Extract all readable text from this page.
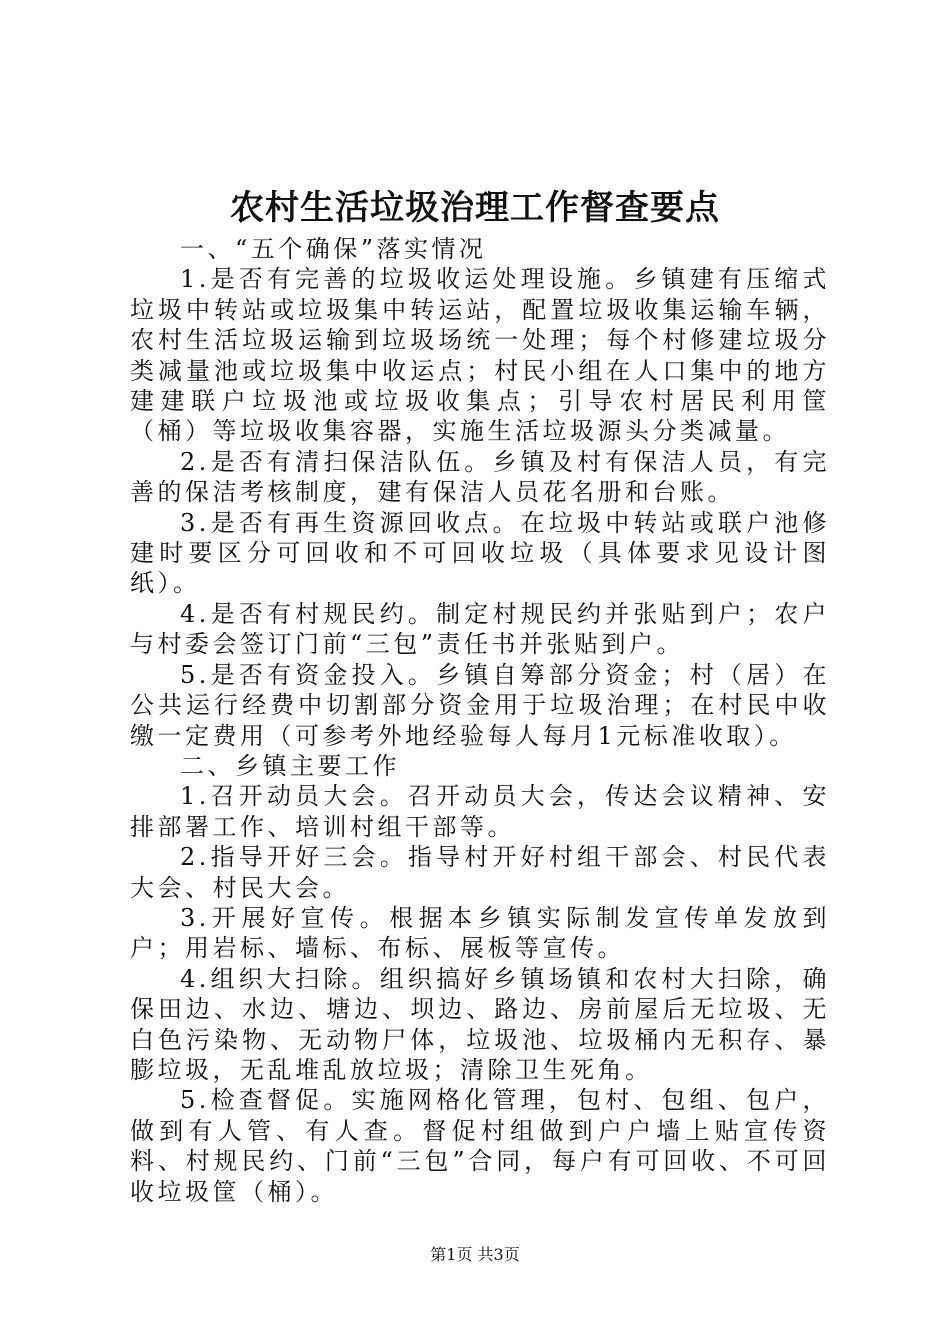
农村生活垃圾治理工作督查要点

一、“五个确保”落实情况

1.是否有完善的垃圾收运处理设施。乡镇建有压缩式垃圾中转站或垃圾集中转运站，配置垃圾收集运输车辆，农村生活垃圾运输到垃圾场统一处理；每个村修建垃圾分类减量池或垃圾集中收运点；村民小组在人口集中的地方建建联户垃圾池或垃圾收集点；引导农村居民利用筐（桶）等垃圾收集容器，实施生活垃圾源头分类减量。

2.是否有清扫保洁队伍。乡镇及村有保洁人员，有完善的保洁考核制度，建有保洁人员花名册和台账。

3.是否有再生资源回收点。在垃圾中转站或联户池修建时要区分可回收和不可回收垃圾（具体要求见设计图纸）。

4.是否有村规民约。制定村规民约并张贴到户；农户与村委会签订门前“三包”责任书并张贴到户。

5.是否有资金投入。乡镇自筹部分资金；村（居）在公共运行经费中切割部分资金用于垃圾治理；在村民中收缴一定费用（可参考外地经验每人每月1元标准收取）。

二、乡镇主要工作

1.召开动员大会。召开动员大会，传达会议精神、安排部署工作、培训村组干部等。

2.指导开好三会。指导村开好村组干部会、村民代表大会、村民大会。

3.开展好宣传。根据本乡镇实际制发宣传单发放到户；用岩标、墙标、布标、展板等宣传。

4.组织大扫除。组织搞好乡镇场镇和农村大扫除，确保田边、水边、塘边、坝边、路边、房前屋后无垃圾、无白色污染物、无动物尸体，垃圾池、垃圾桶内无积存、暴膨垃圾，无乱堆乱放垃圾；清除卫生死角。

5.检查督促。实施网格化管理，包村、包组、包户，做到有人管、有人查。督促村组做到户户墙上贴宣传资料、村规民约、门前“三包”合同，每户有可回收、不可回收垃圾筐（桶）。

第1页 共3页
